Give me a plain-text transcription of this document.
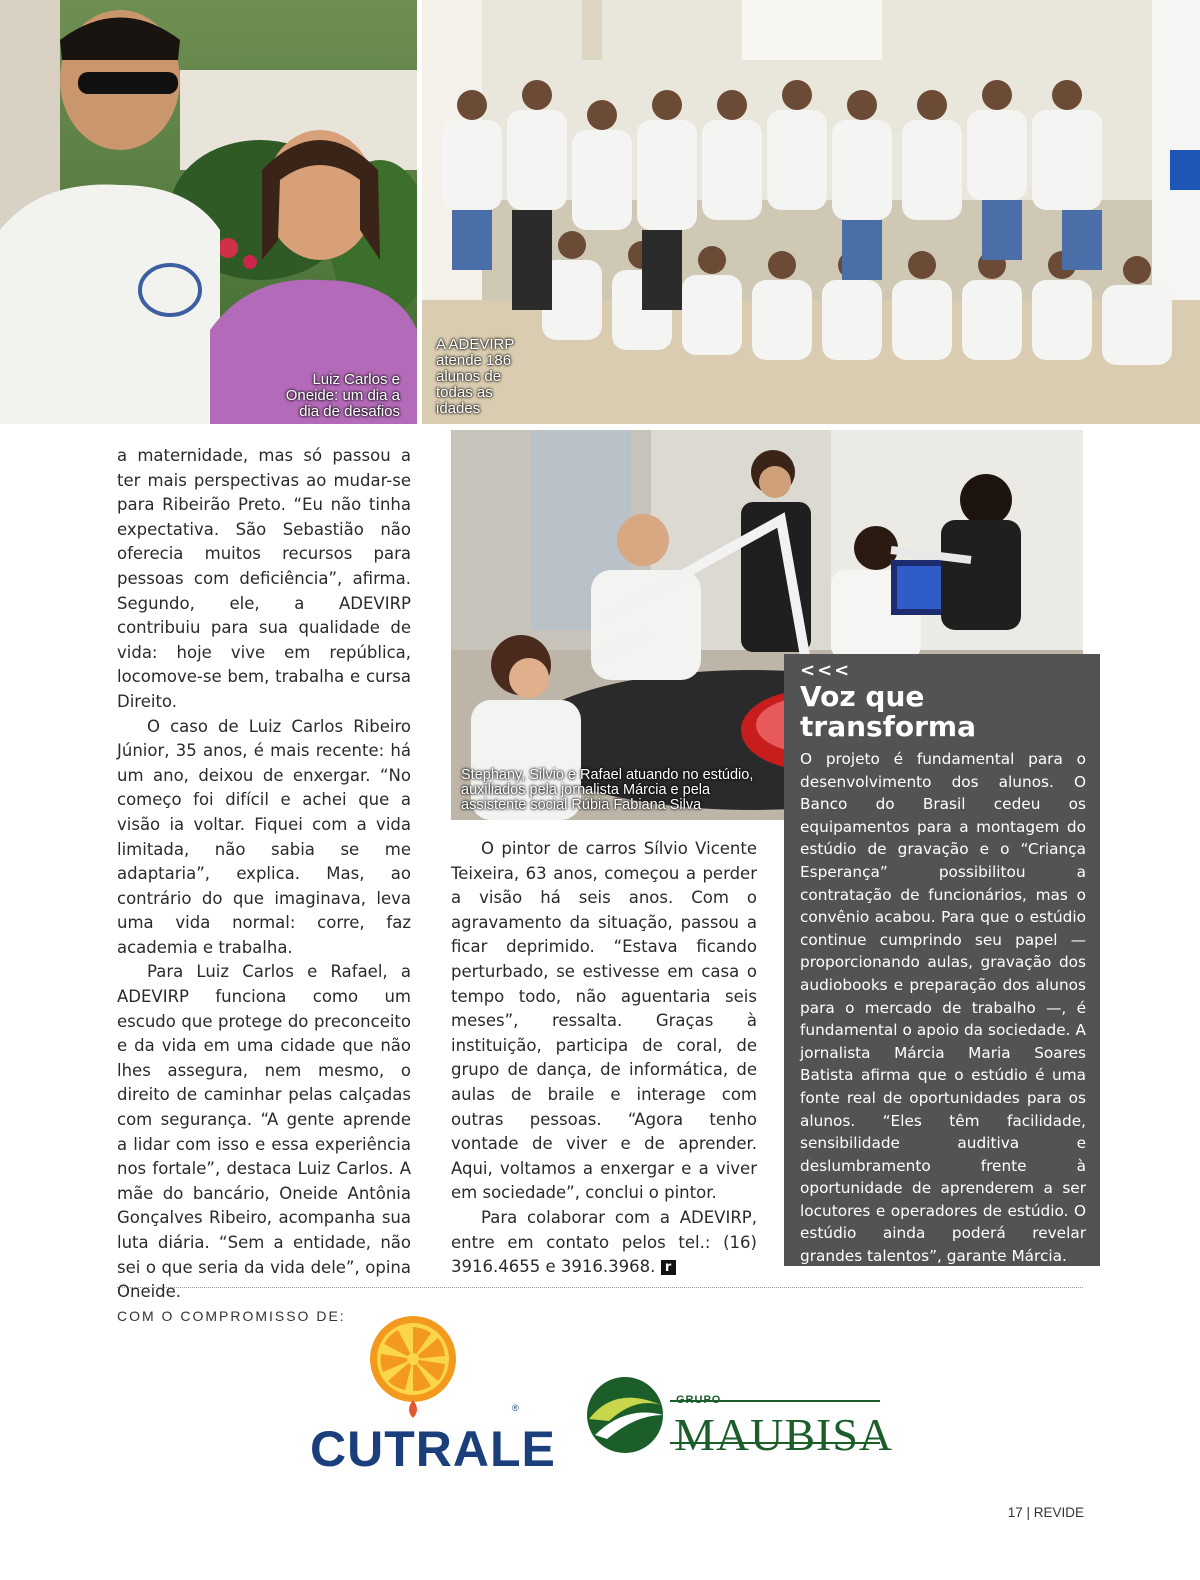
Luiz Carlos e
Oneide: um dia a
dia de desafios
A ADEVIRP
atende 186
alunos de
todas as
idades
Stephany, Silvio e Rafael atuando no estúdio, auxiliados pela jornalista Márcia e pela assistente social Rúbia Fabiana Silva

a maternidade, mas só passou a ter mais perspectivas ao mudar-se para Ribeirão Preto. “Eu não tinha expectativa. São Sebastião não oferecia muitos recursos para pessoas com deficiência”, afirma. Segundo, ele, a ADEVIRP contribuiu para sua qualidade de vida: hoje vive em república, locomove-se bem, trabalha e cursa Direito.

O caso de Luiz Carlos Ribeiro Júnior, 35 anos, é mais recente: há um ano, deixou de enxergar. “No começo foi difícil e achei que a visão ia voltar. Fiquei com a vida limitada, não sabia se me adaptaria”, explica. Mas, ao contrário do que imaginava, leva uma vida normal: corre, faz academia e trabalha.

Para Luiz Carlos e Rafael, a ADEVIRP funciona como um escudo que protege do preconceito e da vida em uma cidade que não lhes assegura, nem mesmo, o direito de caminhar pelas calçadas com segurança. “A gente aprende a lidar com isso e essa experiência nos fortale”, destaca Luiz Carlos. A mãe do bancário, Oneide Antônia Gonçalves Ribeiro, acompanha sua luta diária. “Sem a entidade, não sei o que seria da vida dele”, opina Oneide.

O pintor de carros Sílvio Vicente Teixeira, 63 anos, começou a perder a visão há seis anos. Com o agravamento da situação, passou a ficar deprimido. “Estava ficando perturbado, se estivesse em casa o tempo todo, não aguentaria seis meses”, ressalta. Graças à instituição, participa de coral, de grupo de dança, de informática, de aulas de braile e interage com outras pessoas. “Agora tenho vontade de viver e de aprender. Aqui, voltamos a enxergar e a viver em sociedade”, conclui o pintor.

Para colaborar com a ADEVIRP, entre em contato pelos tel.: (16) 3916.4655 e 3916.3968. r

<<<
Voz que transforma
O projeto é fundamental para o desenvolvimento dos alunos. O Banco do Brasil cedeu os equipamentos para a montagem do estúdio de gravação e o “Criança Esperança” possibilitou a contratação de funcionários, mas o convênio acabou. Para que o estúdio continue cumprindo seu papel — proporcionando aulas, gravação dos audiobooks e preparação dos alunos para o mercado de trabalho —, é fundamental o apoio da sociedade. A jornalista Márcia Maria Soares Batista afirma que o estúdio é uma fonte real de oportunidades para os alunos. “Eles têm facilidade, sensibilidade auditiva e deslumbramento frente à oportunidade de aprenderem a ser locutores e operadores de estúdio. O estúdio ainda poderá revelar grandes talentos”, garante Márcia.
COM O COMPROMISSO DE:
CUTRALE
®
GRUPO
MAUBISA
17 | REVIDE
